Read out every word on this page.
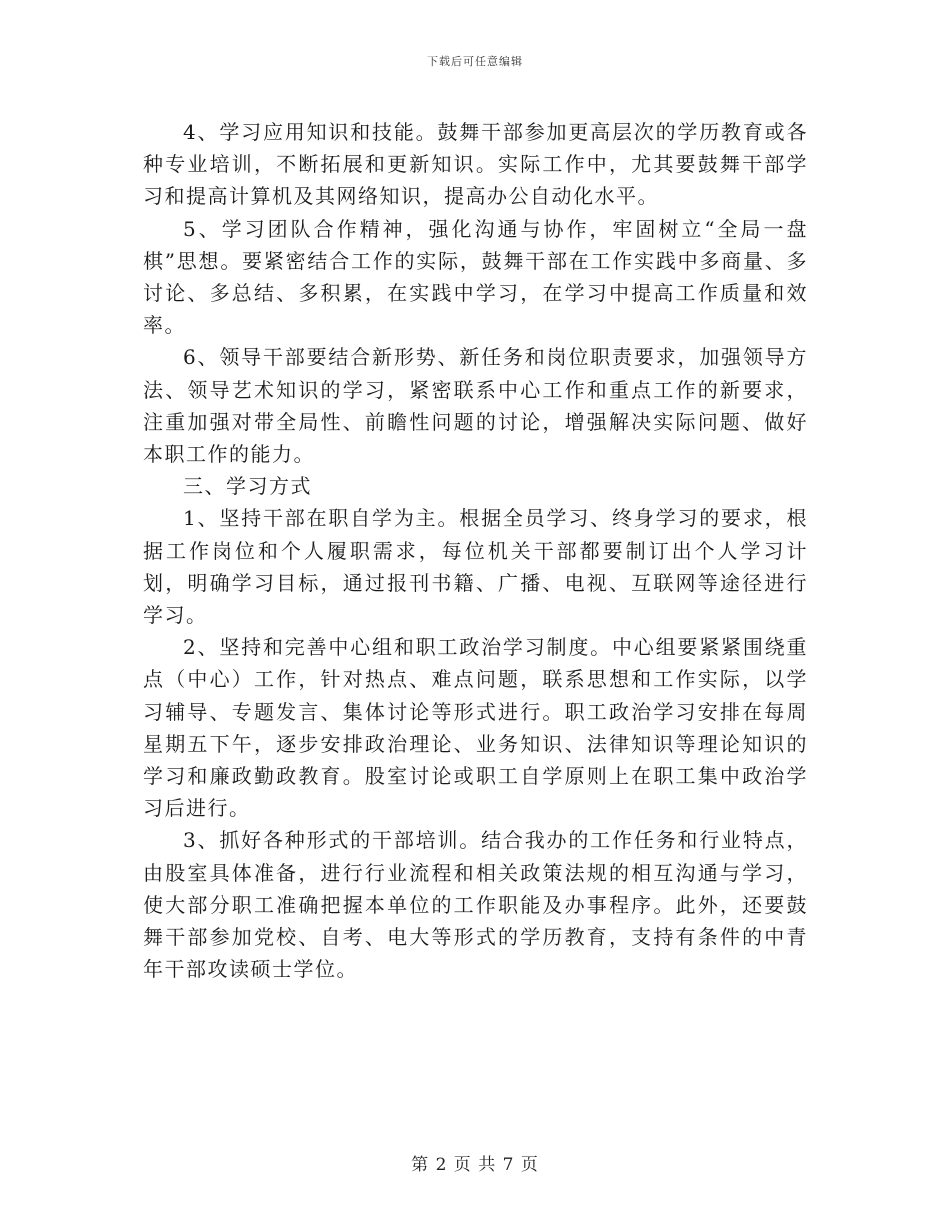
下载后可任意编辑

4、学习应用知识和技能。鼓舞干部参加更高层次的学历教育或各种专业培训，不断拓展和更新知识。实际工作中，尤其要鼓舞干部学习和提高计算机及其网络知识，提高办公自动化水平。

5、学习团队合作精神，强化沟通与协作，牢固树立“全局一盘棋”思想。要紧密结合工作的实际，鼓舞干部在工作实践中多商量、多讨论、多总结、多积累，在实践中学习，在学习中提高工作质量和效率。

6、领导干部要结合新形势、新任务和岗位职责要求，加强领导方法、领导艺术知识的学习，紧密联系中心工作和重点工作的新要求，注重加强对带全局性、前瞻性问题的讨论，增强解决实际问题、做好本职工作的能力。

三、学习方式

1、坚持干部在职自学为主。根据全员学习、终身学习的要求，根据工作岗位和个人履职需求，每位机关干部都要制订出个人学习计划，明确学习目标，通过报刊书籍、广播、电视、互联网等途径进行学习。

2、坚持和完善中心组和职工政治学习制度。中心组要紧紧围绕重点（中心）工作，针对热点、难点问题，联系思想和工作实际，以学习辅导、专题发言、集体讨论等形式进行。职工政治学习安排在每周星期五下午，逐步安排政治理论、业务知识、法律知识等理论知识的学习和廉政勤政教育。股室讨论或职工自学原则上在职工集中政治学习后进行。

3、抓好各种形式的干部培训。结合我办的工作任务和行业特点，由股室具体准备，进行行业流程和相关政策法规的相互沟通与学习，使大部分职工准确把握本单位的工作职能及办事程序。此外，还要鼓舞干部参加党校、自考、电大等形式的学历教育，支持有条件的中青年干部攻读硕士学位。

第 2 页 共 7 页
